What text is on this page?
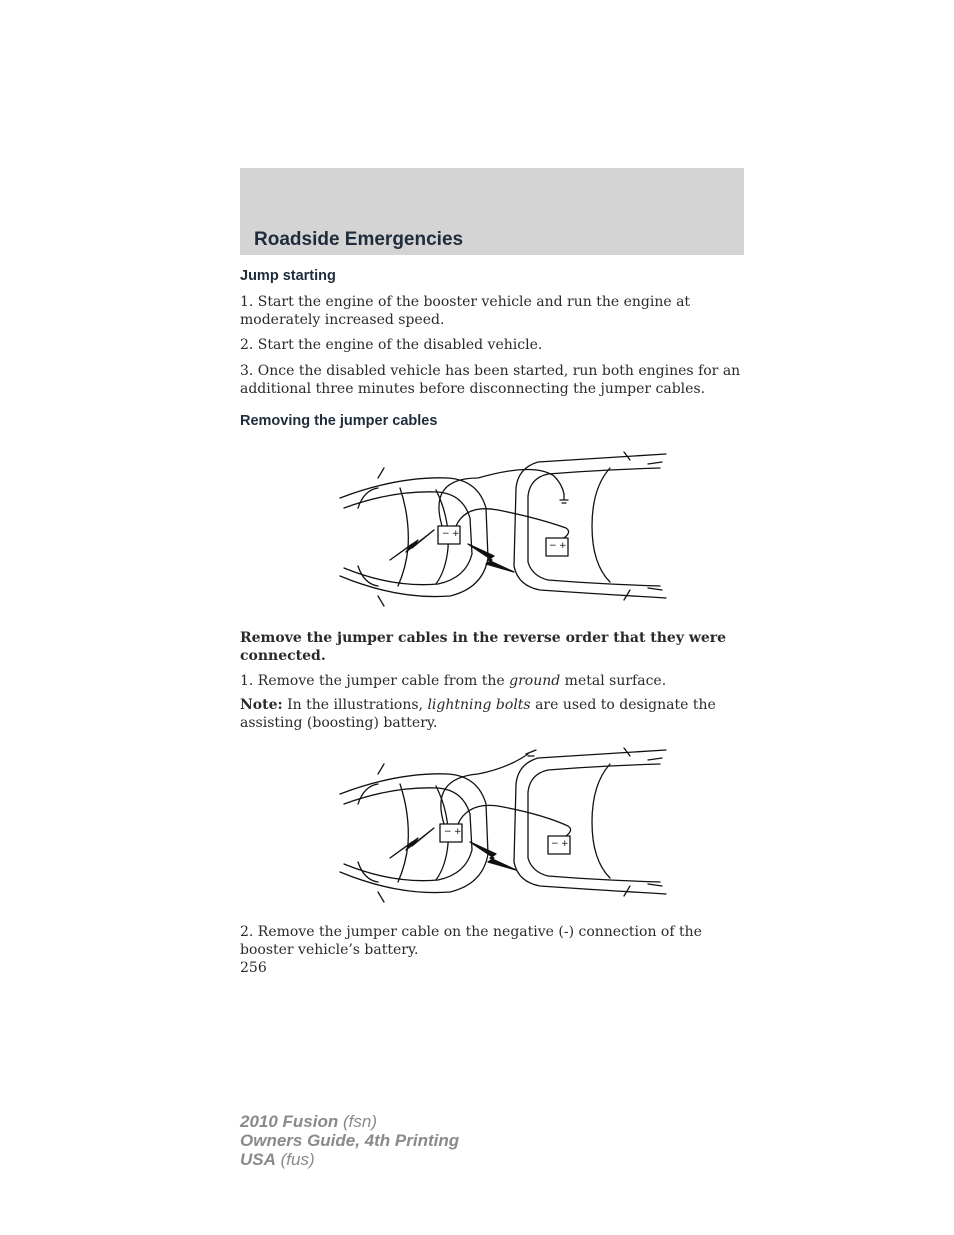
Roadside Emergencies
Jump starting
1. Start the engine of the booster vehicle and run the engine at moderately increased speed.
2. Start the engine of the disabled vehicle.
3. Once the disabled vehicle has been started, run both engines for an additional three minutes before disconnecting the jumper cables.
Removing the jumper cables
− +
− +
Remove the jumper cables in the reverse order that they were connected.
1. Remove the jumper cable from the ground metal surface.
Note: In the illustrations, lightning bolts are used to designate the assisting (boosting) battery.
− +
− +
2. Remove the jumper cable on the negative (-) connection of the booster vehicle’s battery.
256
2010 Fusion (fsn)
Owners Guide, 4th Printing
USA (fus)
